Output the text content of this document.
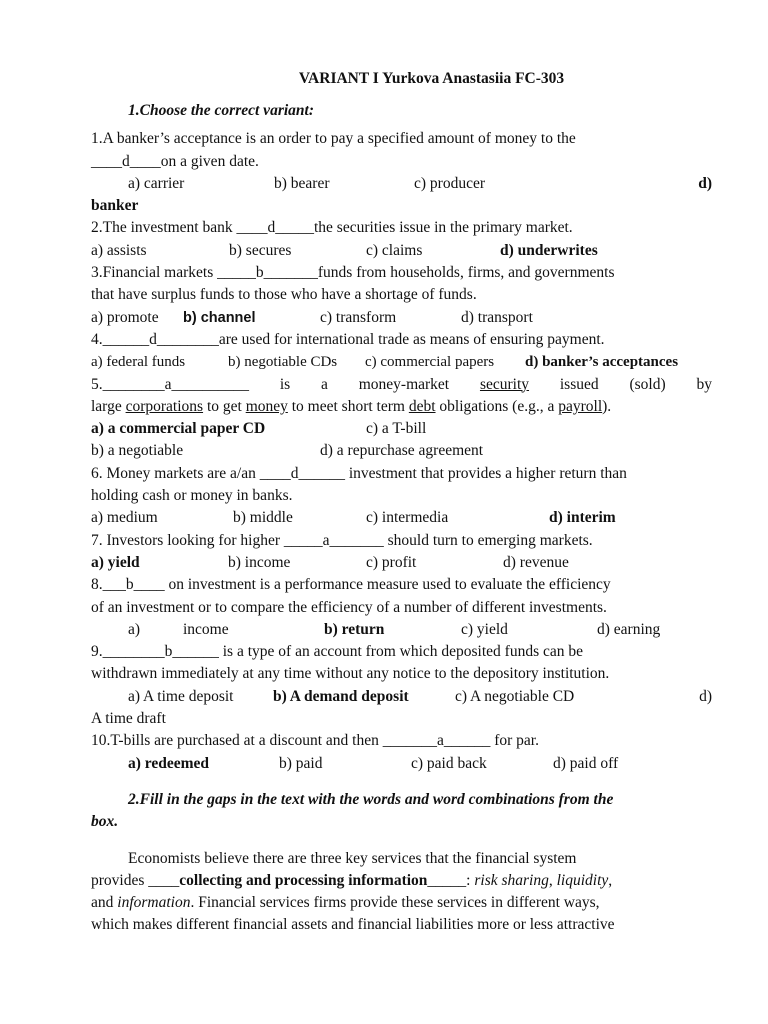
VARIANT I Yurkova Anastasiia FC-303
1.Choose the correct variant:
1.A banker’s acceptance is an order to pay a specified amount of money to the
____d____on a given date.
a) carrier	b) bearer	c) producer	d)
banker
2.The investment bank ____d_____the securities issue in the primary market.
a) assists	b) secures	c) claims	d) underwrites
3.Financial markets _____b_______funds from households, firms, and governments
that have surplus funds to those who have a shortage of funds.
a) promote	b) channel	c) transform	d) transport
4.______d________are used for international trade as means of ensuring payment.
a) federal funds	b) negotiable CDs	c) commercial papers	d) banker’s acceptances
5.________a__________ is a money-market security issued (sold) by
large corporations to get money to meet short term debt obligations (e.g., a payroll).
a) a commercial paper CD	c) a T-bill
b) a negotiable	d) a repurchase agreement
6. Money markets are a/an ____d______ investment that provides a higher return than
holding cash or money in banks.
a) medium	b) middle	c) intermedia	d) interim
7. Investors looking for higher _____a_______ should turn to emerging markets.
a) yield	b) income	c) profit	d) revenue
8.___b____ on investment is a performance measure used to evaluate the efficiency
of an investment or to compare the efficiency of a number of different investments.
a)	income	b) return	c) yield	d) earning
9.________b______ is a type of an account from which deposited funds can be
withdrawn immediately at any time without any notice to the depository institution.
a) A time deposit	b) A demand deposit	c) A negotiable CD	d)
A time draft
10.T-bills are purchased at a discount and then _______a______ for par.
a) redeemed	b) paid	c) paid back	d) paid off
2.Fill in the gaps in the text with the words and word combinations from the
box.
Economists believe there are three key services that the financial system
provides ____collecting and processing information_____: risk sharing, liquidity,
and information. Financial services firms provide these services in different ways,
which makes different financial assets and financial liabilities more or less attractive
